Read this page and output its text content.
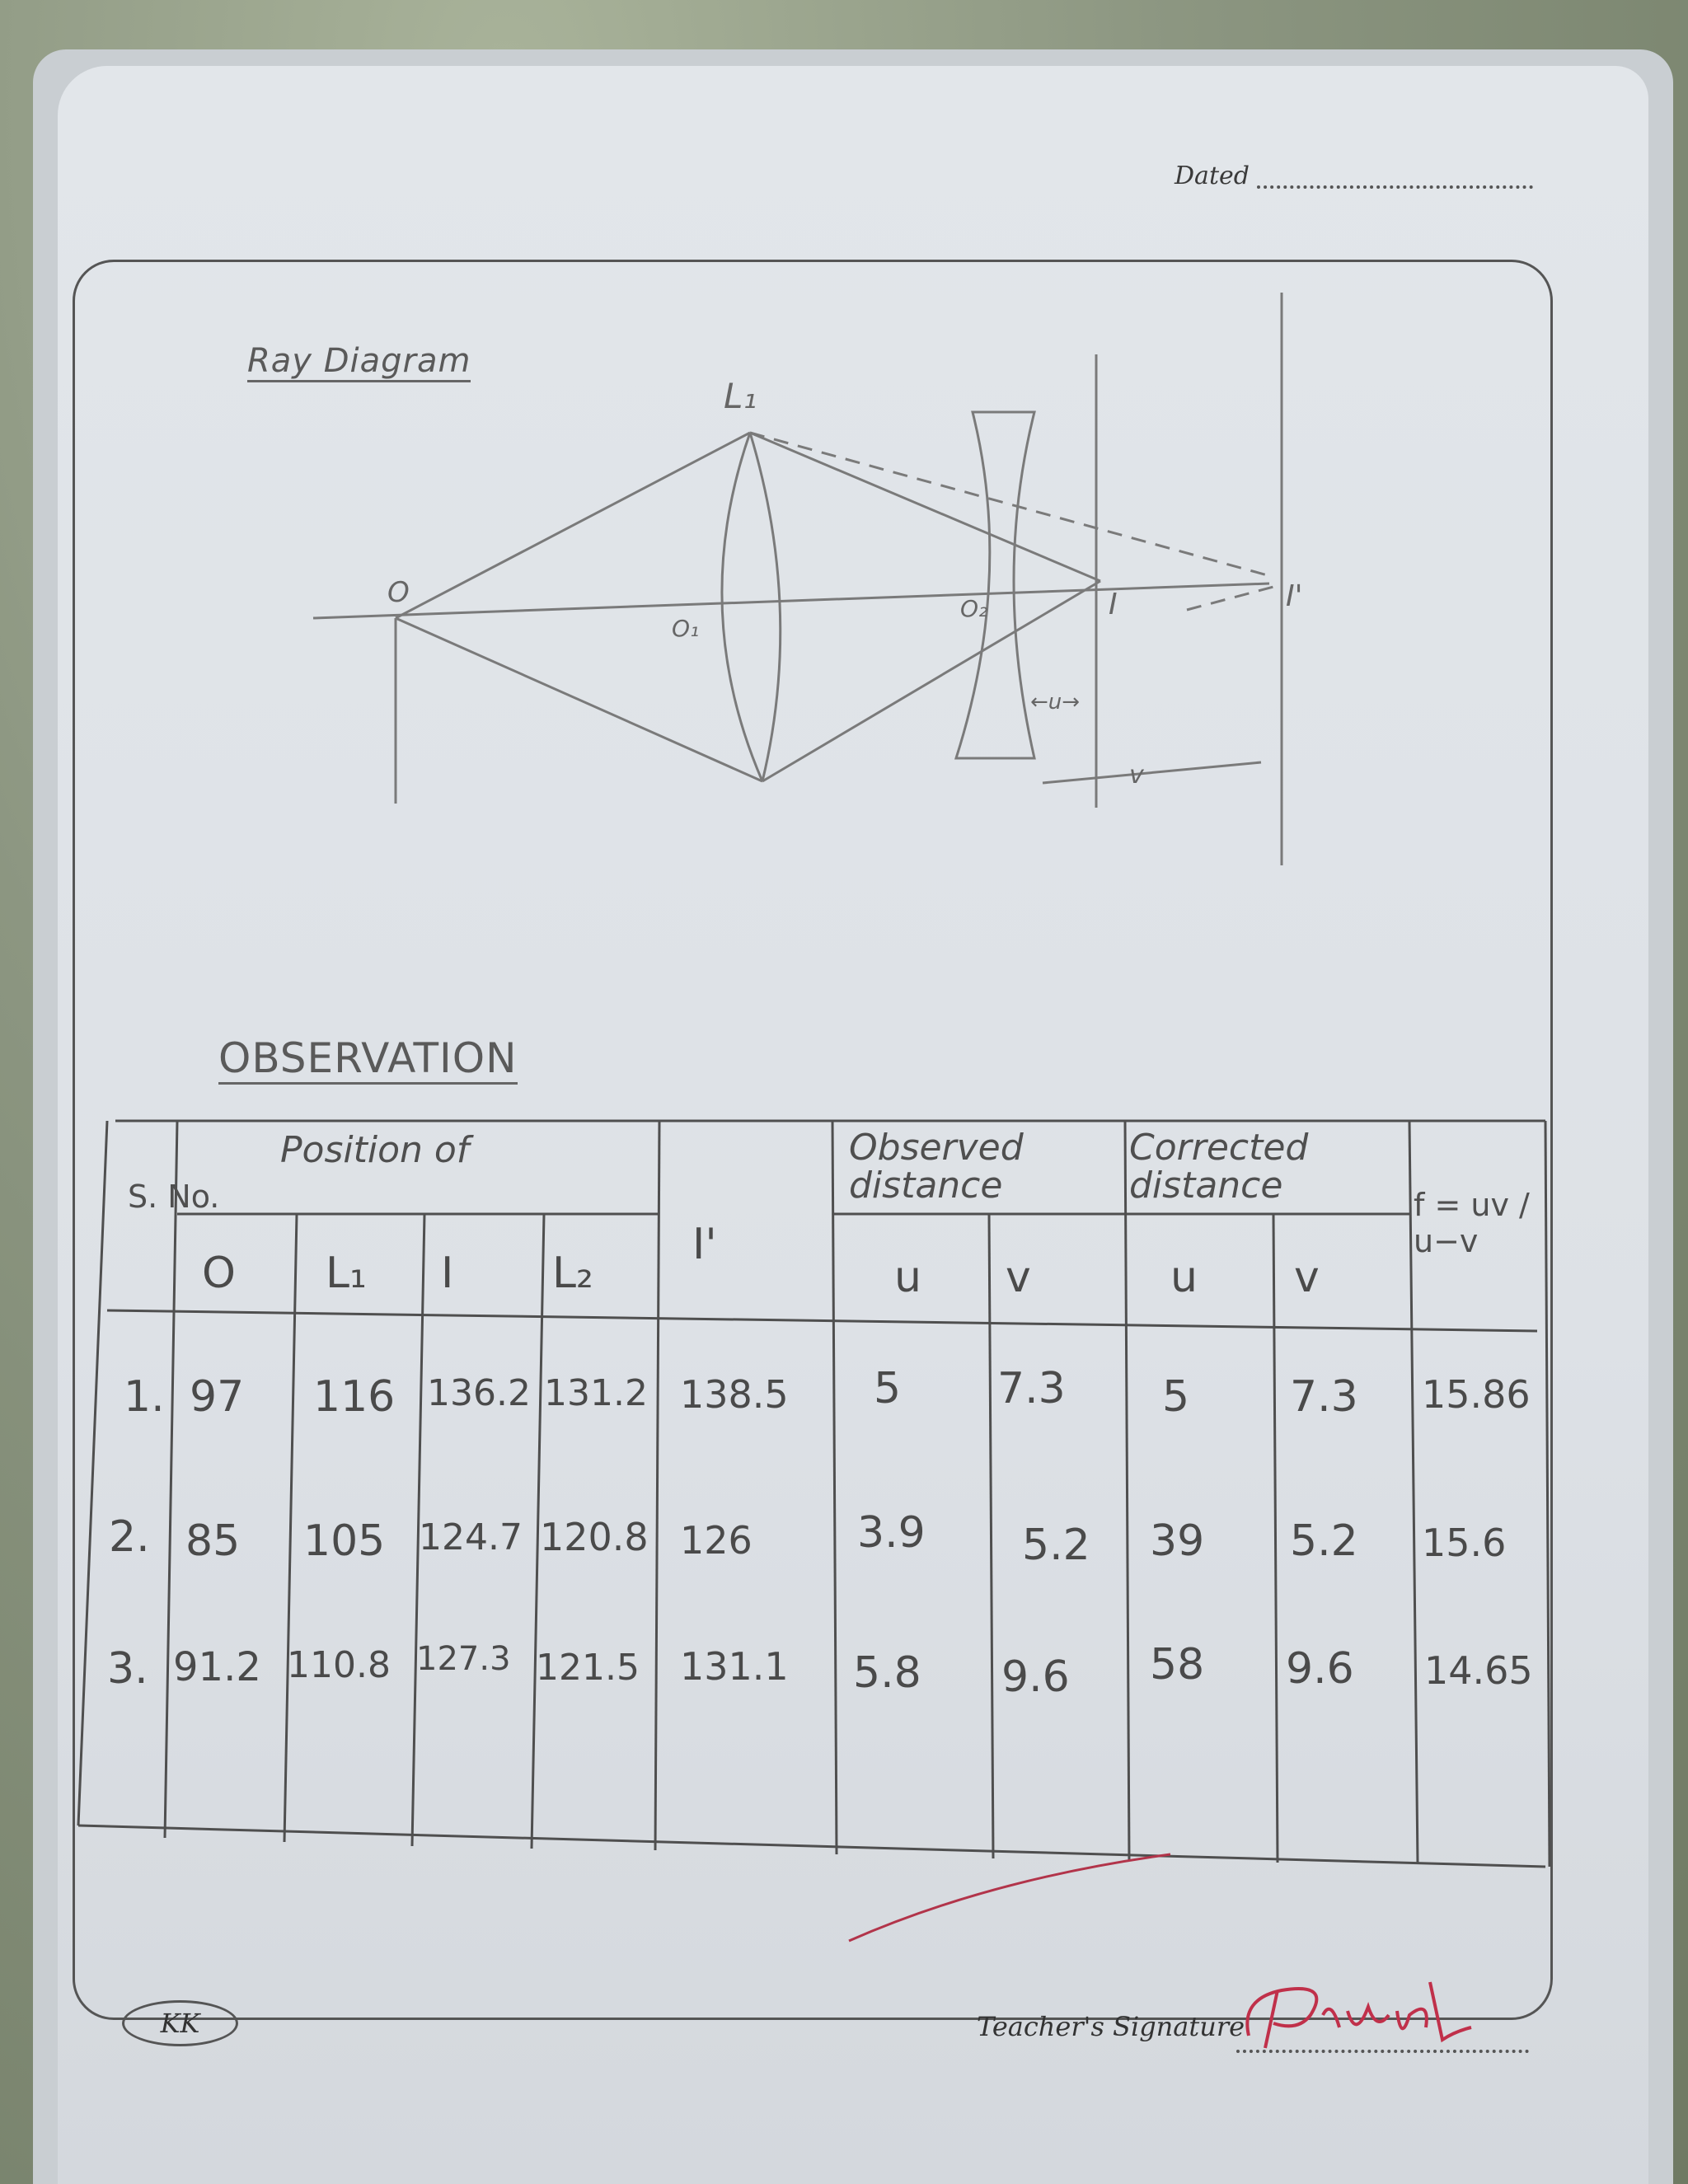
Dated
Ray Diagram
L₁
O
O₁
O₂	I	I'
←u→
v
OBSERVATION
S. No.
Position of
O L₁ I L₂
I'
Observed distance
Corrected distance
u v	u v
f = uv / u−v
1. 97 116 136.2 131.2 138.5 5 7.3 5 7.3 15.86
2. 85 105 124.7 120.8 126 3.9 5.2 39 5.2 15.6
3. 91.2 110.8 127.3 121.5 131.1 5.8 9.6 58 9.6 14.65
KK	Teacher's Signature
